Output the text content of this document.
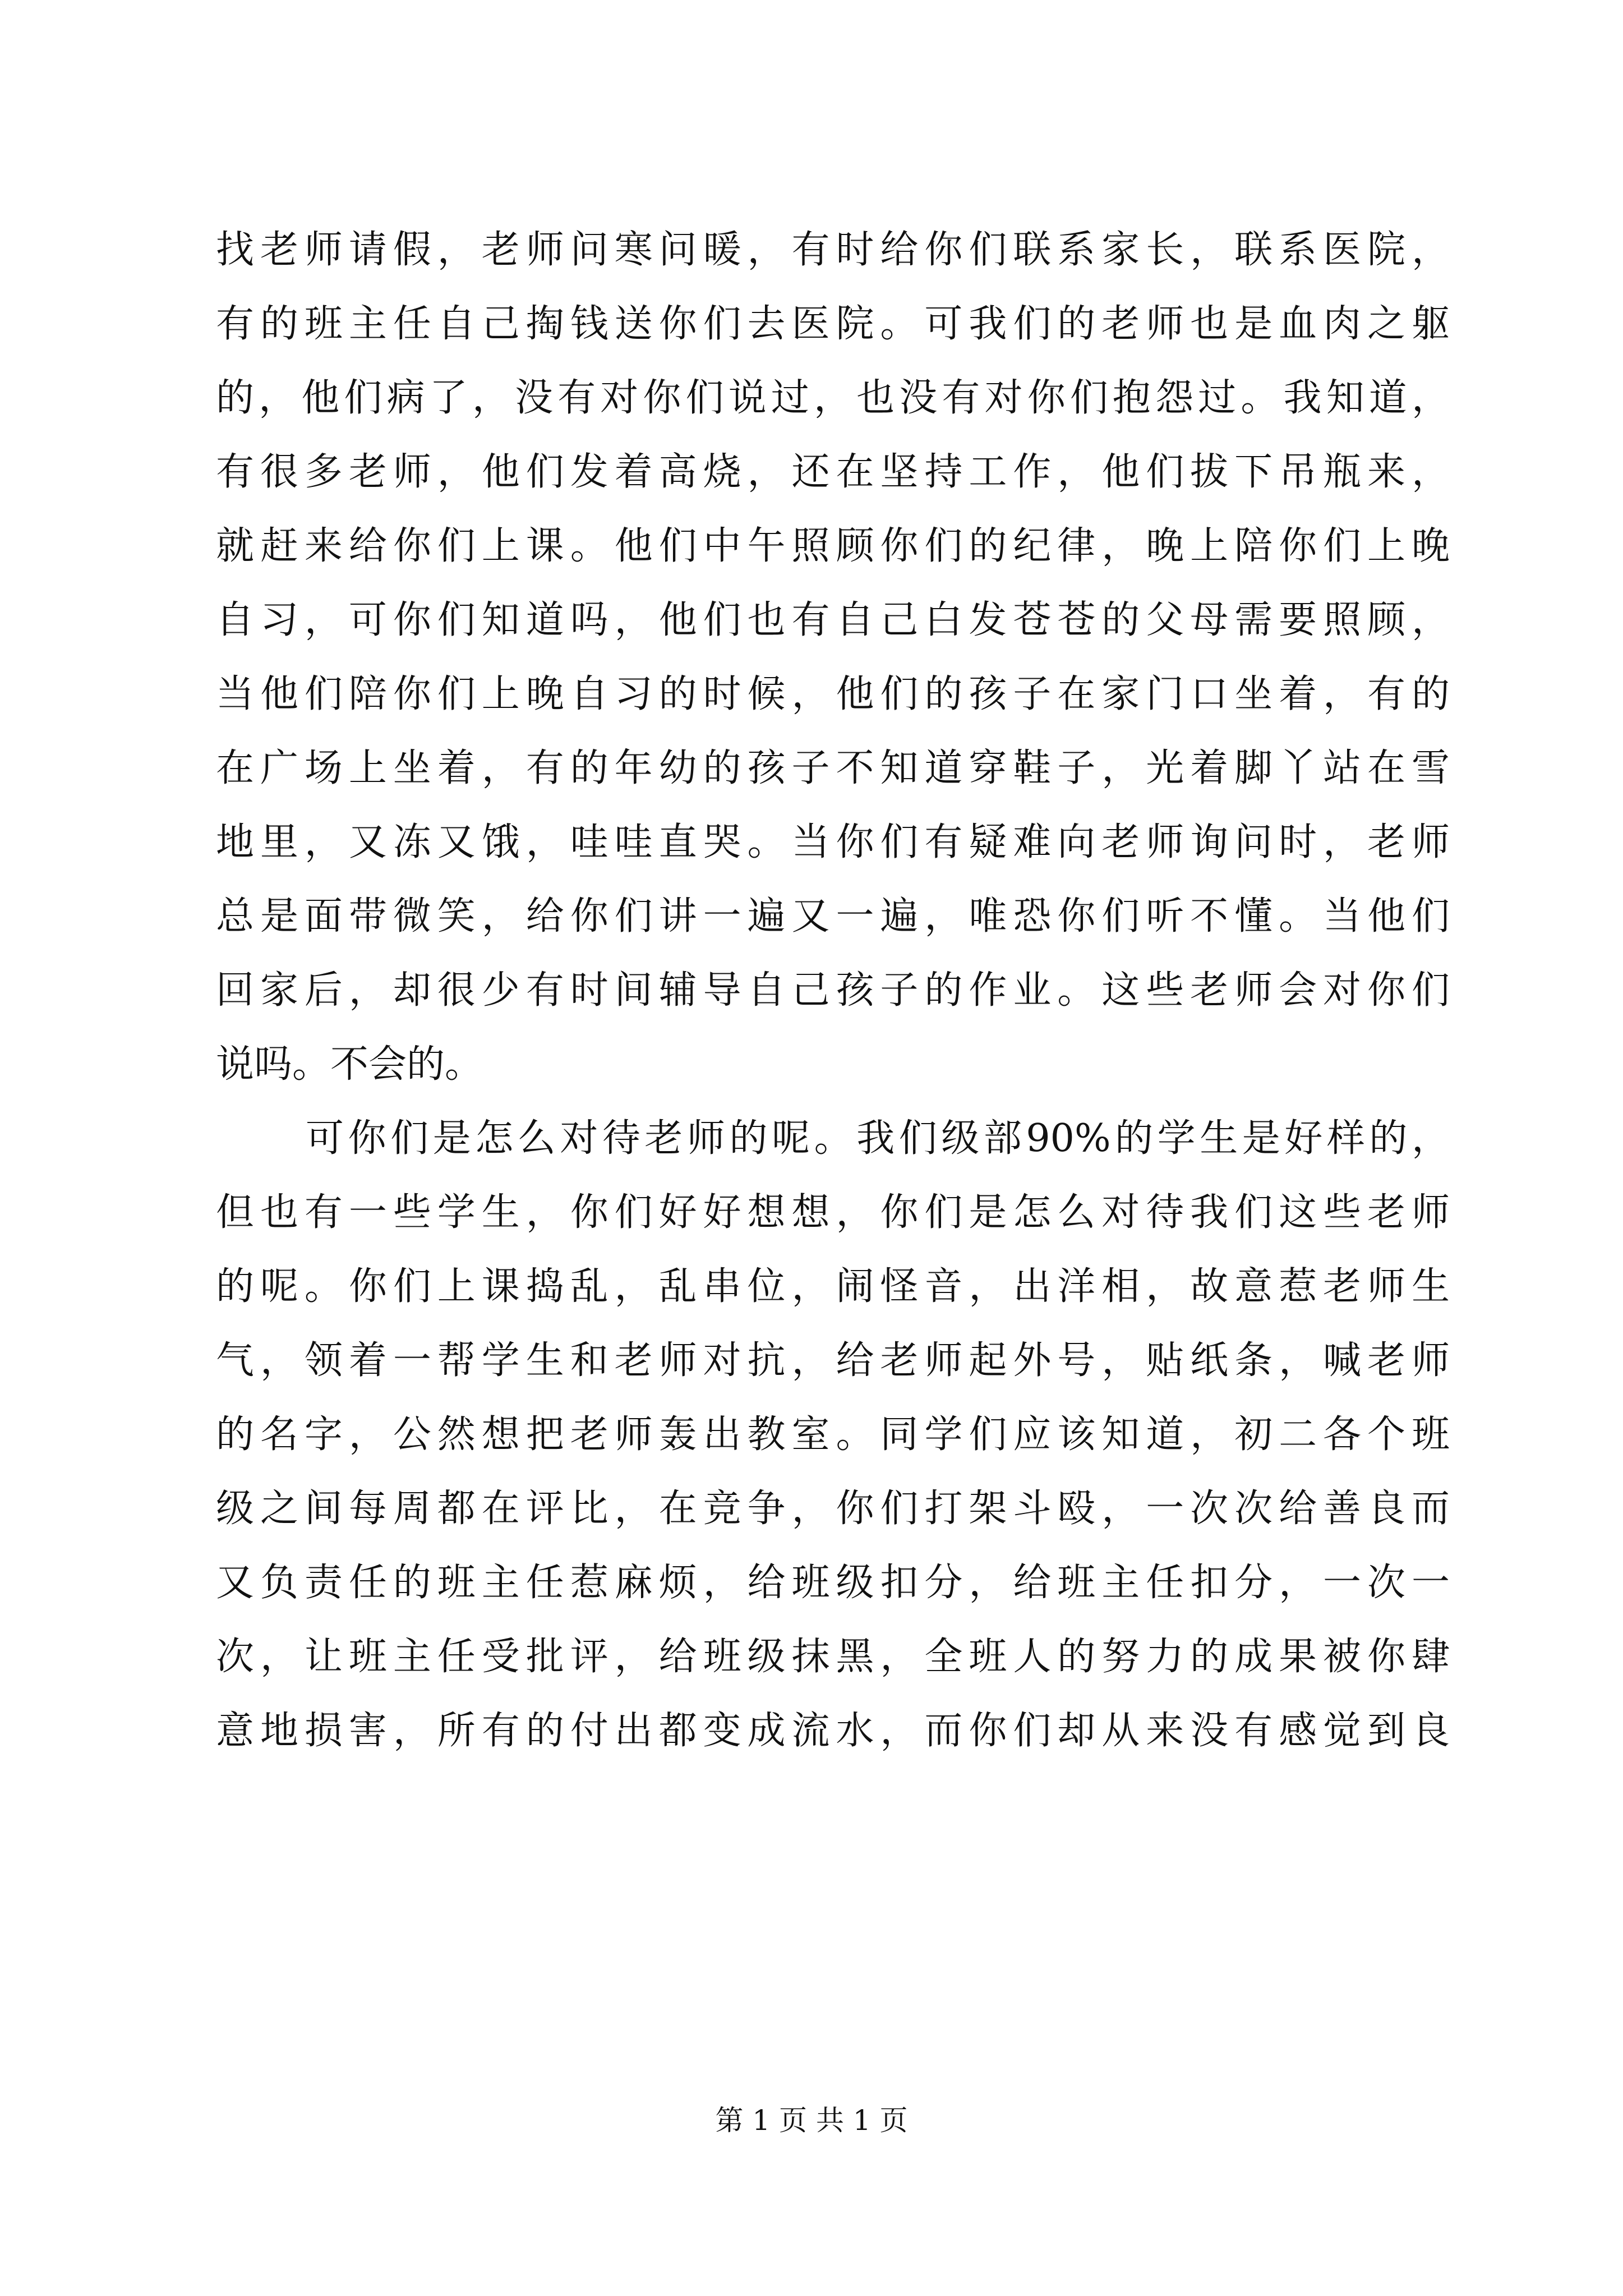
找老师请假，老师问寒问暖，有时给你们联系家长，联系医院，
有的班主任自己掏钱送你们去医院。可我们的老师也是血肉之躯
的，他们病了，没有对你们说过，也没有对你们抱怨过。我知道，
有很多老师，他们发着高烧，还在坚持工作，他们拔下吊瓶来，
就赶来给你们上课。他们中午照顾你们的纪律，晚上陪你们上晚
自习，可你们知道吗，他们也有自己白发苍苍的父母需要照顾，
当他们陪你们上晚自习的时候，他们的孩子在家门口坐着，有的
在广场上坐着，有的年幼的孩子不知道穿鞋子，光着脚丫站在雪
地里，又冻又饿，哇哇直哭。当你们有疑难向老师询问时，老师
总是面带微笑，给你们讲一遍又一遍，唯恐你们听不懂。当他们
回家后，却很少有时间辅导自己孩子的作业。这些老师会对你们
说吗。不会的。
可你们是怎么对待老师的呢。我们级部90%的学生是好样的，
但也有一些学生，你们好好想想，你们是怎么对待我们这些老师
的呢。你们上课捣乱，乱串位，闹怪音，出洋相，故意惹老师生
气，领着一帮学生和老师对抗，给老师起外号，贴纸条，喊老师
的名字，公然想把老师轰出教室。同学们应该知道，初二各个班
级之间每周都在评比，在竞争，你们打架斗殴，一次次给善良而
又负责任的班主任惹麻烦，给班级扣分，给班主任扣分，一次一
次，让班主任受批评，给班级抹黑，全班人的努力的成果被你肆
意地损害，所有的付出都变成流水，而你们却从来没有感觉到良
第 1 页 共 1 页
